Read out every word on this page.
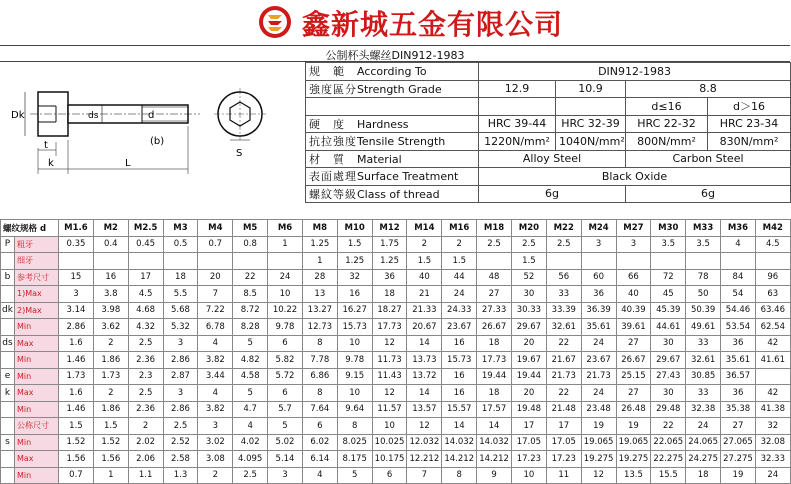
鑫新城五金有限公司
公制杯头螺丝DIN912-1983
Dk	ds	d
(b)
t
k	L
S
规　範 According To	DIN912-1983			
強度區分Strength Grade	12.9	10.9	8.8	
			d≤16	d＞16
硬　度 Hardness	HRC 39-44	HRC 32-39	HRC 22-32	HRC 23-34
抗拉強度Tensile Strength	1220N/mm²	1040N/mm²	800N/mm²	830N/mm²
材　質 Material	Alloy Steel		Carbon Steel	
表面處理Surface Treatment	Black Oxide			
螺紋等級Class of thread	6g		6g	
螺纹规格 d		M1.6	M2	M2.5	M3	M4	M5	M6	M8	M10	M12	M14	M16	M18	M20	M22	M24	M27	M30	M33	M36	M42
P	粗牙	0.35	0.4	0.45	0.5	0.7	0.8	1	1.25	1.5	1.75	2	2	2.5	2.5	2.5	3	3	3.5	3.5	4	4.5
	细牙								1	1.25	1.25	1.5	1.5		1.5							
b	参考尺寸	15	16	17	18	20	22	24	28	32	36	40	44	48	52	56	60	66	72	78	84	96
	1)Max	3	3.8	4.5	5.5	7	8.5	10	13	16	18	21	24	27	30	33	36	40	45	50	54	63
dk	2)Max	3.14	3.98	4.68	5.68	7.22	8.72	10.22	13.27	16.27	18.27	21.33	24.33	27.33	30.33	33.39	36.39	40.39	45.39	50.39	54.46	63.46
	Min	2.86	3.62	4.32	5.32	6.78	8.28	9.78	12.73	15.73	17.73	20.67	23.67	26.67	29.67	32.61	35.61	39.61	44.61	49.61	53.54	62.54
ds	Max	1.6	2	2.5	3	4	5	6	8	10	12	14	16	18	20	22	24	27	30	33	36	42
	Min	1.46	1.86	2.36	2.86	3.82	4.82	5.82	7.78	9.78	11.73	13.73	15.73	17.73	19.67	21.67	23.67	26.67	29.67	32.61	35.61	41.61
e	Min	1.73	1.73	2.3	2.87	3.44	4.58	5.72	6.86	9.15	11.43	13.72	16	19.44	19.44	21.73	21.73	25.15	27.43	30.85	36.57	
k	Max	1.6	2	2.5	3	4	5	6	8	10	12	14	16	18	20	22	24	27	30	33	36	42
	Min	1.46	1.86	2.36	2.86	3.82	4.7	5.7	7.64	9.64	11.57	13.57	15.57	17.57	19.48	21.48	23.48	26.48	29.48	32.38	35.38	41.38
	公称尺寸	1.5	1.5	2	2.5	3	4	5	6	8	10	12	14	14	17	17	19	19	22	24	27	32
s	Min	1.52	1.52	2.02	2.52	3.02	4.02	5.02	6.02	8.025	10.025	12.032	14.032	14.032	17.05	17.05	19.065	19.065	22.065	24.065	27.065	32.08
	Max	1.56	1.56	2.06	2.58	3.08	4.095	5.14	6.14	8.175	10.175	12.212	14.212	14.212	17.23	17.23	19.275	19.275	22.275	24.275	27.275	32.33
	Min	0.7	1	1.1	1.3	2	2.5	3	4	5	6	7	8	9	10	11	12	13.5	15.5	18	19	24
